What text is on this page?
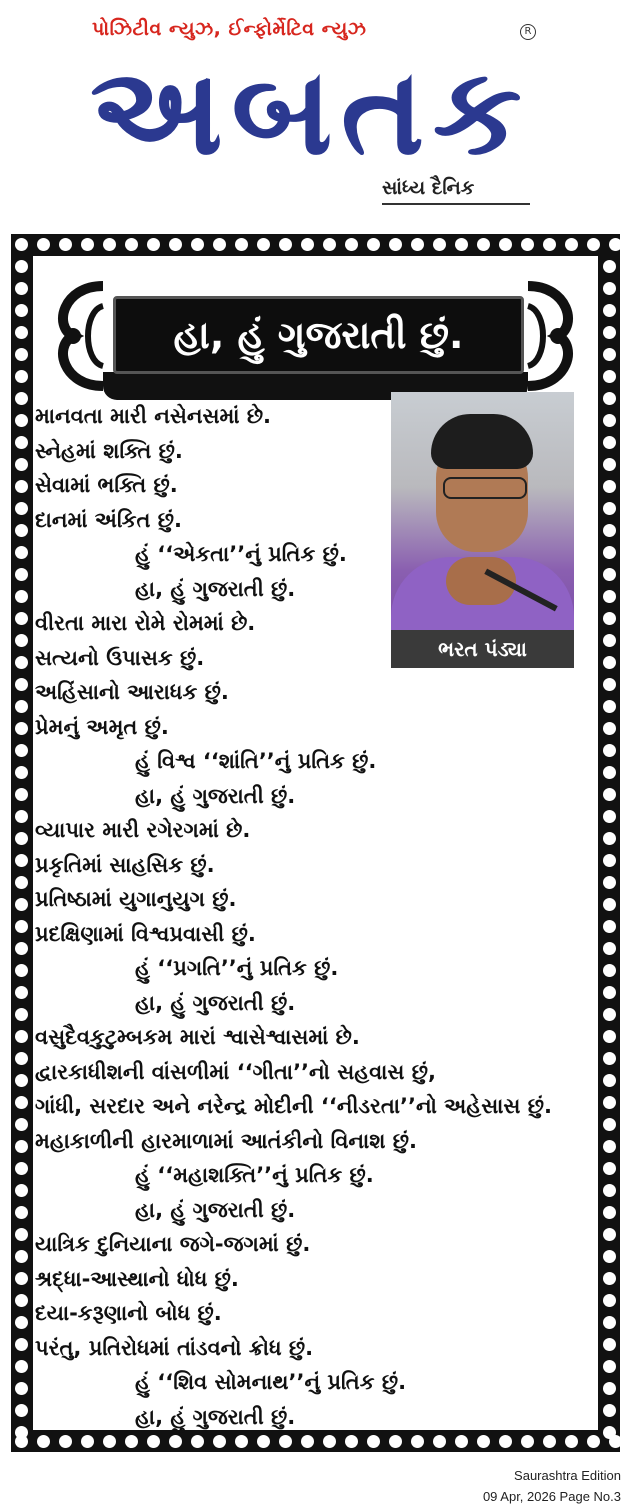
પોઝિટીવ ન્યુઝ, ઈન્ફોર્મેટિવ ન્યુઝ	R
અબતક
સાંધ્ય દૈનિક
હા, હું ગુજરાતી છું.
ભરત પંડ્યા
માનવતા મારી નસેનસમાં છે.
સ્નેહમાં શક્તિ છું.
સેવામાં ભક્તિ છું.
દાનમાં અંકિત છું.
હું ‘‘એકતા’’નું પ્રતિક છું.
હા, હું ગુજરાતી છું.
વીરતા મારા રોમે રોમમાં છે.
સત્યનો ઉપાસક છું.
અહિંસાનો આરાધક છું.
પ્રેમનું અમૃત છું.
હું વિશ્વ ‘‘શાંતિ’’નું પ્રતિક છું.
હા, હું ગુજરાતી છું.
વ્યાપાર મારી રગેરગમાં છે.
પ્રકૃતિમાં સાહસિક છું.
પ્રતિષ્ઠામાં યુગાનુયુગ છું.
પ્રદક્ષિણામાં વિશ્વપ્રવાસી છું.
હું ‘‘પ્રગતિ’’નું પ્રતિક છું.
હા, હું ગુજરાતી છું.
વસુદૈવકુટુમ્બકમ મારાં શ્વાસેશ્વાસમાં છે.
દ્વારકાધીશની વાંસળીમાં ‘‘ગીતા’’નો સહવાસ છું,
ગાંધી, સરદાર અને નરેન્દ્ર મોદીની ‘‘નીડરતા’’નો અહેસાસ છું.
મહાકાળીની હારમાળામાં આતંકીનો વિનાશ છું.
હું ‘‘મહાશક્તિ’’નું પ્રતિક છું.
હા, હું ગુજરાતી છું.
યાત્રિક દુનિયાના જગે-જગમાં છું.
શ્રદ્ધા-આસ્થાનો ધોધ છું.
દયા-કરૂણાનો બોધ છું.
પરંતુ, પ્રતિરોધમાં તાંડવનો ક્રોધ છું.
હું ‘‘શિવ સોમનાથ’’નું પ્રતિક છું.
હા, હું ગુજરાતી છું.
Saurashtra Edition
09 Apr, 2026 Page No.3
